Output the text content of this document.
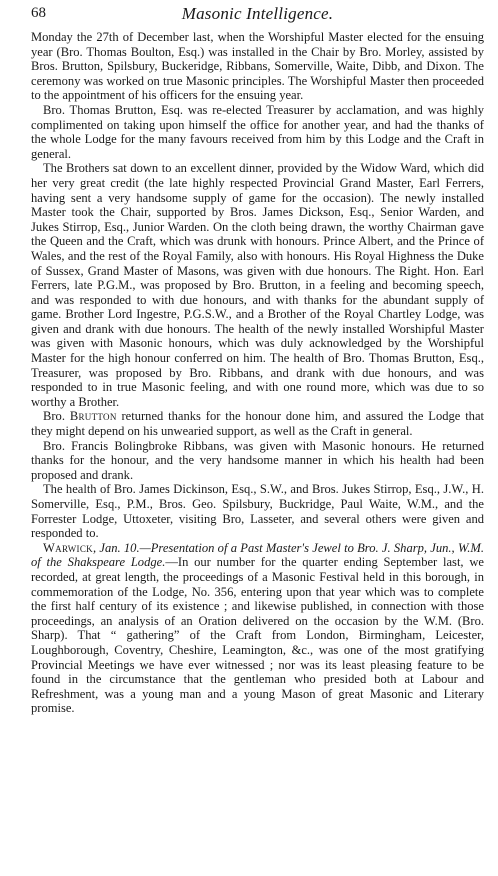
68	Masonic Intelligence.

Monday the 27th of December last, when the Worshipful Master elected for the ensuing year (Bro. Thomas Boulton, Esq.) was installed in the Chair by Bro. Morley, assisted by Bros. Brutton, Spilsbury, Buckeridge, Ribbans, Somerville, Waite, Dibb, and Dixon. The ceremony was worked on true Masonic principles. The Worshipful Master then proceeded to the appointment of his officers for the ensuing year.

Bro. Thomas Brutton, Esq. was re-elected Treasurer by acclamation, and was highly complimented on taking upon himself the office for another year, and had the thanks of the whole Lodge for the many favours received from him by this Lodge and the Craft in general.

The Brothers sat down to an excellent dinner, provided by the Widow Ward, which did her very great credit (the late highly respected Provincial Grand Master, Earl Ferrers, having sent a very handsome supply of game for the occasion). The newly installed Master took the Chair, supported by Bros. James Dickson, Esq., Senior Warden, and Jukes Stirrop, Esq., Junior Warden. On the cloth being drawn, the worthy Chairman gave the Queen and the Craft, which was drunk with honours. Prince Albert, and the Prince of Wales, and the rest of the Royal Family, also with honours. His Royal Highness the Duke of Sussex, Grand Master of Masons, was given with due honours. The Right. Hon. Earl Ferrers, late P.G.M., was proposed by Bro. Brutton, in a feeling and becoming speech, and was responded to with due honours, and with thanks for the abundant supply of game. Brother Lord Ingestre, P.G.S.W., and a Brother of the Royal Chartley Lodge, was given and drank with due honours. The health of the newly installed Worshipful Master was given with Masonic honours, which was duly acknowledged by the Worshipful Master for the high honour conferred on him. The health of Bro. Thomas Brutton, Esq., Treasurer, was proposed by Bro. Ribbans, and drank with due honours, and was responded to in true Masonic feeling, and with one round more, which was due to so worthy a Brother.

Bro. Brutton returned thanks for the honour done him, and assured the Lodge that they might depend on his unwearied support, as well as the Craft in general.

Bro. Francis Bolingbroke Ribbans, was given with Masonic honours. He returned thanks for the honour, and the very handsome manner in which his health had been proposed and drank.

The health of Bro. James Dickinson, Esq., S.W., and Bros. Jukes Stirrop, Esq., J.W., H. Somerville, Esq., P.M., Bros. Geo. Spilsbury, Buckridge, Paul Waite, W.M., and the Forrester Lodge, Uttoxeter, visiting Bro, Lasseter, and several others were given and responded to.

Warwick, Jan. 10.—Presentation of a Past Master's Jewel to Bro. J. Sharp, Jun., W.M. of the Shakspeare Lodge.—In our number for the quarter ending September last, we recorded, at great length, the proceedings of a Masonic Festival held in this borough, in commemoration of the Lodge, No. 356, entering upon that year which was to complete the first half century of its existence ; and likewise published, in connection with those proceedings, an analysis of an Oration delivered on the occasion by the W.M. (Bro. Sharp). That “ gathering” of the Craft from London, Birmingham, Leicester, Loughborough, Coventry, Cheshire, Leamington, &c., was one of the most gratifying Provincial Meetings we have ever witnessed ; nor was its least pleasing feature to be found in the circumstance that the gentleman who presided both at Labour and Refreshment, was a young man and a young Mason of great Masonic and Literary promise.
